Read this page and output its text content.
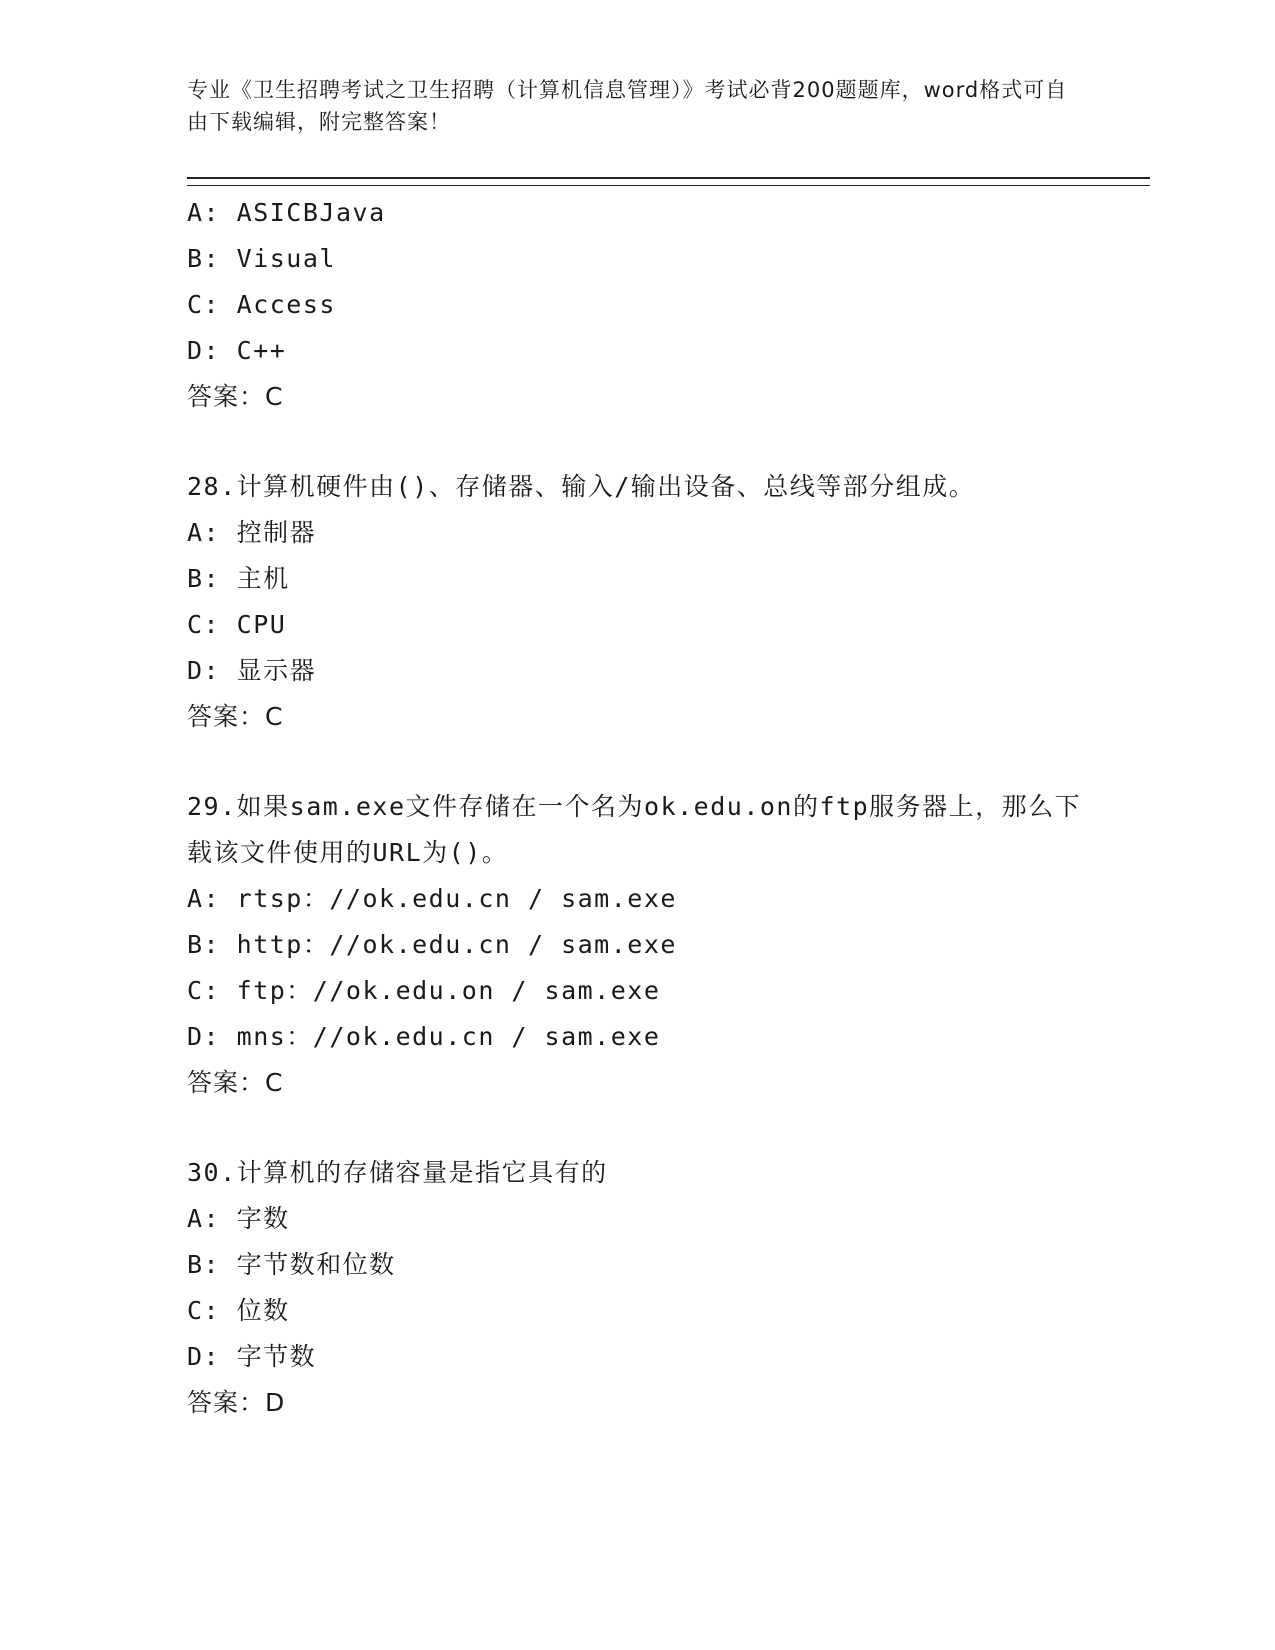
专业《卫生招聘考试之卫生招聘（计算机信息管理）》考试必背200题题库，word格式可自由下载编辑，附完整答案！
A: ASICBJava
B: Visual
C: Access
D: C++
答案：C
28.计算机硬件由()、存储器、输入/输出设备、总线等部分组成。
A: 控制器
B: 主机
C: CPU
D: 显示器
答案：C
29.如果sam.exe文件存储在一个名为ok.edu.on的ftp服务器上，那么下载该文件使用的URL为()。
A: rtsp：//ok.edu.cn / sam.exe
B: http：//ok.edu.cn / sam.exe
C: ftp：//ok.edu.on / sam.exe
D: mns：//ok.edu.cn / sam.exe
答案：C
30.计算机的存储容量是指它具有的
A: 字数
B: 字节数和位数
C: 位数
D: 字节数
答案：D
